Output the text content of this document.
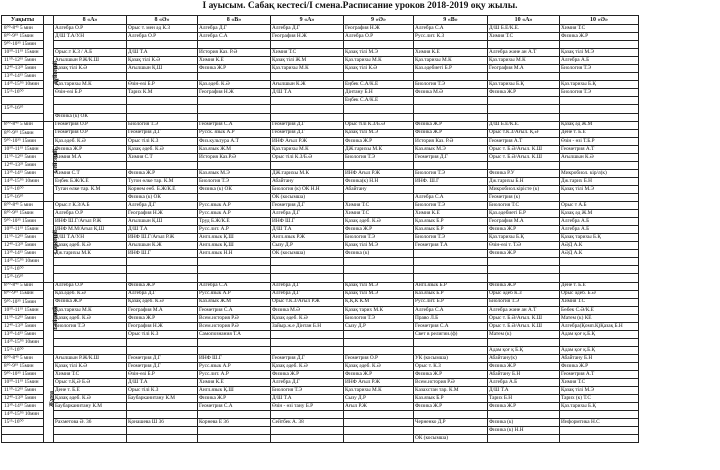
I ауысым. Сабақ кестесі/I смена.Расписание уроков 2018-2019 оқу жылы.
Уақыты		8 «А»	8 «Ә»	8 «В»	9 «А»	9 «Ә»	9 «В»	10 «А»	10 «Ә»
8⁰⁰-8⁴⁵ 5 мин	Дүйсенбі	Алгебра О.Р	Орыс т. мен әд К.З	Алгебра Д.Г	Алгебра Д.Г	География Н.Ж	Алгебра С.А	Д/Ш Б.Е/К.Е.	Химия Т.С
8⁵⁰-9³⁵ 15мин		Д/Ш Т.А/У.Н	Алгебра О.Р	Алгебра С.А	География Н.Ж	Алгебра О.Р	Русс.лит. К.З	Химия Т.С	Физика Ж.Р
9⁵⁰-10³⁵ 15мин									
10⁵⁰-11³⁵ 15мин		Орыс.т К.З / А.Б	Д/Ш Т.А	История Каз. Р.Ә	Химия Т.С	Қазақ тілі М.Э	Химия К.Е	Алгебра және ан А.Т	Қазақ тілі М.Э
11⁵⁰-12³⁵ 5мин		Ағылшын Р.Ж/К.Ш	Қазақ тілі К.Ә	Химия К.Е	Қазақ тілі Ж.М	Қаз.тарихы М.К	Қаз.тарихы М.К	Қаз.тарихы М.К	Алгебра А.Б
12⁴⁰-13²⁵ 5мин		Қазақ тілі К.Ә	Ағылшын Қ.Ш	Физика Ж.Р	Қаз.тарихы М.К	Қазақ тілі К.Ә	Каз.әдебиеті Б.Р	География М.А	Биология Т.Э
13³⁰-14¹⁵ 5мин									
14²⁰-15⁰⁵ 10мин		Қаз.тарихы М.К	Өзін-өзі Б.Р	Қаз.әдеб. К.Ә	Ағылшын К.Ж	Еңбек С.А/К.Е	Биология Т.Э	Қаз.тарихы Б.Қ	Қаз.тарихы Б.Қ
15¹⁵-16⁰⁰		Өзін-өзі Б.Р	Тарих К.М	География Н.Ж	Д/Ш Т.А	Дінтану Б.Н	Физика М.Ә	Физика Ж.Р	Биология Т.Э
						Еңбек С.А/К.Е			
15²⁰-16¹⁰									
		Физика (к) ОК							
8⁰⁰-8⁴⁵ 5 мин	Сейсенбі	Геометрия О.Р	Биология Т.Э	Геометрия С.А	Геометрия Д.Г	Орыс тілі К.З/Б.Ә	Физика Ж.Р	Д/Ш Б.Е/К.Е.	Қазақ әд Ж.М
8⁵⁰-9³⁵ 15мин		Геометрия О.Р	Геометрия Д.Г	Русск. язык А.Р	Геометрия Д.Г	Қазақ тілі М.Э	Физика Ж.Р	Орыс т.К.З/Ағыл. Қ.Ә	Дене т. Б.Е
9⁵⁰-10³⁵ 15мин		Қаз.әдеб. К.Ә	Орыс тілі К.З	Физ.культура А.Т	ИНФ Ағыл Р.Ж	Физика Ж.Р	История Каз. Р.Ә	Геометрия А.Т	Өзін - өзі Т.Б.Р
10⁵⁰-11³⁵ 15мин		Физика Ж.Р	Қазақ әдеб. К.Ә	Каз.язык Ж.М	Қаз.тарихы М.К	ДЖ.тарихы М.К	Каз.язык М.Э	Орыс т. Б.Ә/Ағыл. К.Ш	Геометрия А.Т
11⁵⁰-12³⁵ 5мин		Химия М.А	Химия С.Т	История Каз.Р.Ә	Орыс тілі К.З/Б.Ә	Биология Т.Э	Геометрия Д.Г	Орыс т. Б.Ә/Ағыл. К.Ш	Ағылшын К.Ә
12⁴⁰-13²⁵ 5мин									
13³⁰-14¹⁵ 5мин		Химия С.Т	Физика Ж.Р	Каз.язык М.Э	ДЖ.тарихы М.К	ИНФ Ағыл Р.Ж	Биология Т.Э	Физика Р.У	Микробиол. кір/л(к)
14²⁰-15⁰⁵ 10мин		Еңбек Б.Ж/К.Е	Тугон өлке тар. К.М	Биология Т.Э	Абайтану	Физика(к) Н.Н	ИНФ. Ш.Г	Дж.тарихы Б.Н	Дж.тарих Б.Н
15¹⁵-16⁰⁰		Туган өлке тар. К.М	Корнем еөб. Б.Ж/К.Е	Физика (к) ОК	Биология (к) ОК Н.Н	Абайтану		Микробиол.кірісте (к)	Қазақ тілі М.Э
15²⁰-16¹⁰			Физика (к) ОК		ОК (косымша)		Алгебра С.А	Геометрия (к)	
8⁰⁰-8⁴⁵ 5 мин	Сәрсенбі	Орыс.т К.З/А.Б	Алгебра Д.Г	Русс.язык А.Р	Геометрия Д.Г	Химия Т.С	Биология Т.Э	Биология Т.С	Орыс т А.Б
8⁵⁰-9³⁵ 15мин		Алгебра О.Р	География Н.Ж	Русс.язык А.Р	Алгебра Д.Г	Химия Т.С	Химия К.Е	Қаз.әдебиеті Б.Р	Қазақ әд Ж.М
9⁵⁰-10³⁵ 15мин		ИНФ Ш.Г/Ағыл Р.Ж	Ағылшын Қ.Ш	Труд Б.Ж/К.Е	ИНФ Ш.Г	Қазақ әдеб. К.Ә	Қаз.язык Б.Р	География М.А	Алгебра А.Б
10⁵⁰-11³⁵ 15мин		ИНФ М.М/Ағыл Қ.Ш	Д/Ш Т.А	Русс.лит. А.Р	Д/Ш Т.А	Физика Ж.Р	Каз.язык Б.Р	Физика Ж.Р	Алгебра А.Б
11⁵⁰-12³⁵ 5мин		Д/Ш Т.А/У.Н	ИНФ Ш.Г/Ағыл Р.Ж	Англ.язык Қ.Ш	Англ.язык Р.Ж	Биология Т.Э	Биология Т.Э	Қаз.тарихы Б.Қ	Қазақ тарихы Б.Қ
12⁴⁰-13²⁵ 5мин		Қазақ әдеб. К.Ә	Ағылшын К.Ж	Англ.язык Қ.Ш	Сызу Д.Р	Қазақ тілі М.Э	Геометрия Т.А	Өзін-өзі т. Т.Ә	АӘД А.К
13³⁰-14¹⁵ 5мин		Дж.тарихы М.К	ИНФ Ш.Г	Англ.язык Н.Н	ОК (косымша)	Физика (к)		Физика Ж.Р	АӘД А.К
14²⁰-15⁰⁵ 10мин									
15¹⁵-16⁰⁰									
15²⁰-16¹⁰									
8⁰⁰-8⁴⁵ 5 мин	Бейсенбі	Алгебра О.Р	Физика Ж.Р	Алгебра С.А	Алгебра Д.Г	Қазақ тілі М.Э	Англ.язык Б.Р	Физика Ж.Р	Дене т. Б.Е
8⁵⁰-9³⁵ 15мин		Қаз.әдеб. К.Ә	Алгебра Д.Г	Русс.язык А.Р	Алгебра Д.Г	Қазақ тілі М.Э	Каз.язык Б.Р	Орыс әдеб К.З	Орыс әдеб. Б.Ә
9⁵⁰-10³⁵ 15мин		Физика Ж.Р	Қазақ әдеб. К.Ә	Каз.язык Ж.М	Орыс т.К.З/Ағыл Р.Ж	Қ.Қ.К К.М	Русс.лит. Б.Р	Биология Т.Э	Химия Т.С
10⁵⁰-11³⁵ 15мин		Қаз.тарихы М.К	География М.А	Геометрия С.А	Физика М.Ә	Қазақ тарих М.К	Алгебра С.А	Алгебра және ан А.Т	Бөбек С.Ә/К.Е
11⁵⁰-12³⁵ 5мин		Қазақ әдеб. К.Ә	Физика Ж.Р	Всем.история Р.Ә	Қазақ әдеб. К.Ә	Биология Т.Э	Право Л.Б	Орыс т. Б.Ә/Ағыл. К.Ш	Матем (к) КЕ
12⁴⁰-13²⁵ 5мин		Биология Т.Э	География Н.Ж	Всем.история Р.Ә	Зайыр.ж.е Дінтан Б.Н	Сызу Д.Р	Геометрия С.А	Орыс т. Б.Ә/Ағыл. К.Ш	Алгебра(Қомп.Қ)Қазақ Б.Н
13³⁰-14¹⁵ 5мин			Орыс тілі К.З	Самопознания Т.А			Свет в религии.(ф)	Матем (к)	Адам қоғ қ.Б.Қ
14²⁰-15⁰⁵ 10мин									
15¹⁵-16⁰⁰								Адам қоғ қ Б.Қ	Адам қоғ қ.Б.Қ
8⁰⁰-8⁴⁵ 5 мин	Жұма	Ағылшын Р.Ж/К.Ш	Геометрия Д.Г	ИНФ Ш.Г	Геометрия Д.Г	Геометрия О.Р	УК (косымша)	Абайтану(к)	Абайтану Б.Н
8⁵⁰-9³⁵ 15мин		Қазақ тілі К.Ә	Геометрия Д.Г	Русс.язык А.Р	Қазақ әдеб. К.Ә	Қазақ әдеб. К.Ә	Орыс т. К.З	Физика Ж.Р	Физика Ж.Р
9⁵⁰-10³⁵ 15мин		Химия Т.С	Өзін-өзі Б.Р	Русс.лит. А.Р	Физика Ж.Р	Физика Ж.Р	Физика Ж.Р	Абайтану Б.Н	Геометрия А.Т
10⁵⁰-11³⁵ 15мин		Орыс т.Қ.Ә Б.Ә	Д/Ш Т.А	Химия К.Е	Алгебра Д.Г	ИНФ Ағыл Р.Ж	Всем.история Р.Ә	Алгебра А.Б	Химия Т.С
11⁵⁰-12³⁵ 5мин		Дене т. Б.Е	Орыс тілі К.З	Англ.язык Қ.Ш	Биология Т.Э	Қаз.тарихы М.К	Казахстан тар. К.М	Д/Ш Т.А	Қазақ тілі М.Э
12⁴⁰-13²⁵ 5мин		Қазақ әдеб. К.Ә	Баубарканитану К.М	Физика Ж.Р	Д/Ш Т.А	Сызу Д.Р	Каз.язык Б.Р	Тарих Б.Н	Тарих (к) Т.С
13³⁰-14¹⁵ 5мин		Баубарканитану К.М		Геометрия С.А	Өзін - өзі тану Б.Р	Ағыл Р.Ж	Физика Ж.Р	Физика Ж.Р	Қаз.тарихы Б.Қ
14²⁰-15⁰⁵ 10мин									
15¹⁵-16⁰⁰		Рахметова Ә. 36	Қонашева Ш 36	Корнева Е 36	Сейтбек А. 38		Черненко Д.Р	Физика (к)	Информтика Н.С
								Физика (к) Н.Н	
							ОК (косымша)		
